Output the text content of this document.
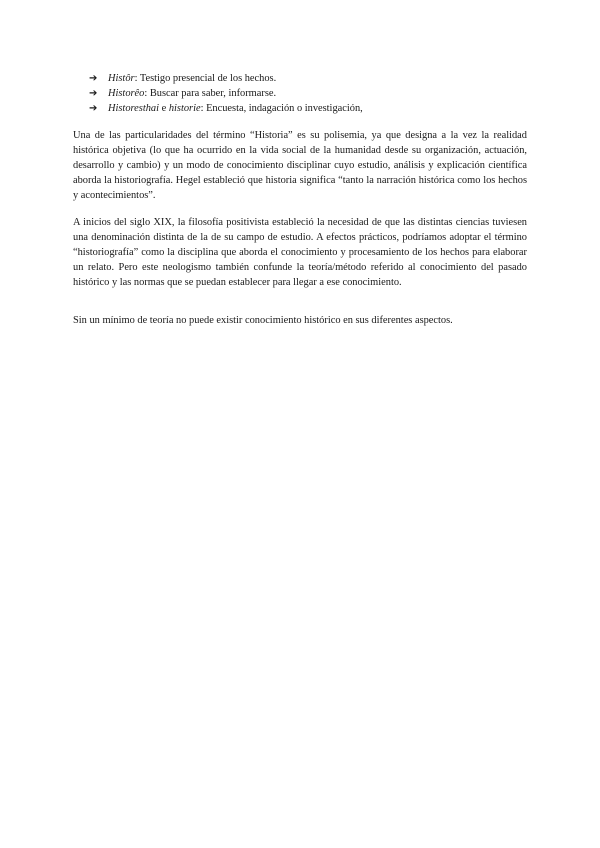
➔	Histôr: Testigo presencial de los hechos.
➔	Historêo: Buscar para saber, informarse.
➔	Historesthai e historie: Encuesta, indagación o investigación,

Una de las particularidades del término “Historia” es su polisemia, ya que designa a la vez la realidad histórica objetiva (lo que ha ocurrido en la vida social de la humanidad desde su organización, actuación, desarrollo y cambio) y un modo de conocimiento disciplinar cuyo estudio, análisis y explicación científica aborda la historiografía. Hegel estableció que historia significa “tanto la narración histórica como los hechos y acontecimientos”.

A inicios del siglo XIX, la filosofía positivista estableció la necesidad de que las distintas ciencias tuviesen una denominación distinta de la de su campo de estudio. A efectos prácticos, podríamos adoptar el término “historiografía” como la disciplina que aborda el conocimiento y procesamiento de los hechos para elaborar un relato. Pero este neologismo también confunde la teoría/método referido al conocimiento del pasado histórico y las normas que se puedan establecer para llegar a ese conocimiento.

Sin un mínimo de teoría no puede existir conocimiento histórico en sus diferentes aspectos.
